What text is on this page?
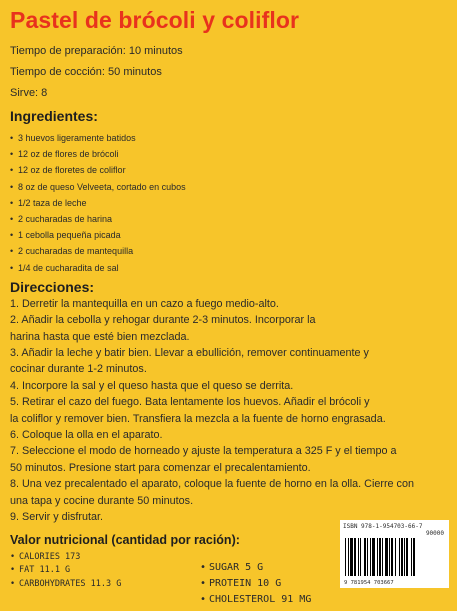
Pastel de brócoli y coliflor

Tiempo de preparación: 10 minutos

Tiempo de cocción: 50 minutos

Sirve: 8

Ingredientes:
• 3 huevos ligeramente batidos
• 12 oz de flores de brócoli
• 12 oz de floretes de coliflor
• 8 oz de queso Velveeta, cortado en cubos
• 1/2 taza de leche
• 2 cucharadas de harina
• 1 cebolla pequeña picada
• 2 cucharadas de mantequilla
• 1/4 de cucharadita de sal
Direcciones:

1. Derretir la mantequilla en un cazo a fuego medio-alto.

2. Añadir la cebolla y rehogar durante 2-3 minutos. Incorporar la

harina hasta que esté bien mezclada.

3. Añadir la leche y batir bien. Llevar a ebullición, remover continuamente y

cocinar durante 1-2 minutos.

4. Incorpore la sal y el queso hasta que el queso se derrita.

5. Retirar el cazo del fuego. Bata lentamente los huevos. Añadir el brócoli y

la coliflor y remover bien. Transfiera la mezcla a la fuente de horno engrasada.

6. Coloque la olla en el aparato.

7. Seleccione el modo de horneado y ajuste la temperatura a 325 F y el tiempo a

50 minutos. Presione start para comenzar el precalentamiento.

8. Una vez precalentado el aparato, coloque la fuente de horno en la olla. Cierre con

una tapa y cocine durante 50 minutos.

9. Servir y disfrutar.

Valor nutricional (cantidad por ración):
• CALORIES 173
• FAT 11.1 G
• CARBOHYDRATES 11.3 G
• SUGAR 5 G
• PROTEIN 10 G
• CHOLESTEROL 91 MG
ISBN 978-1-954703-66-7
90000
9 781954 703667
